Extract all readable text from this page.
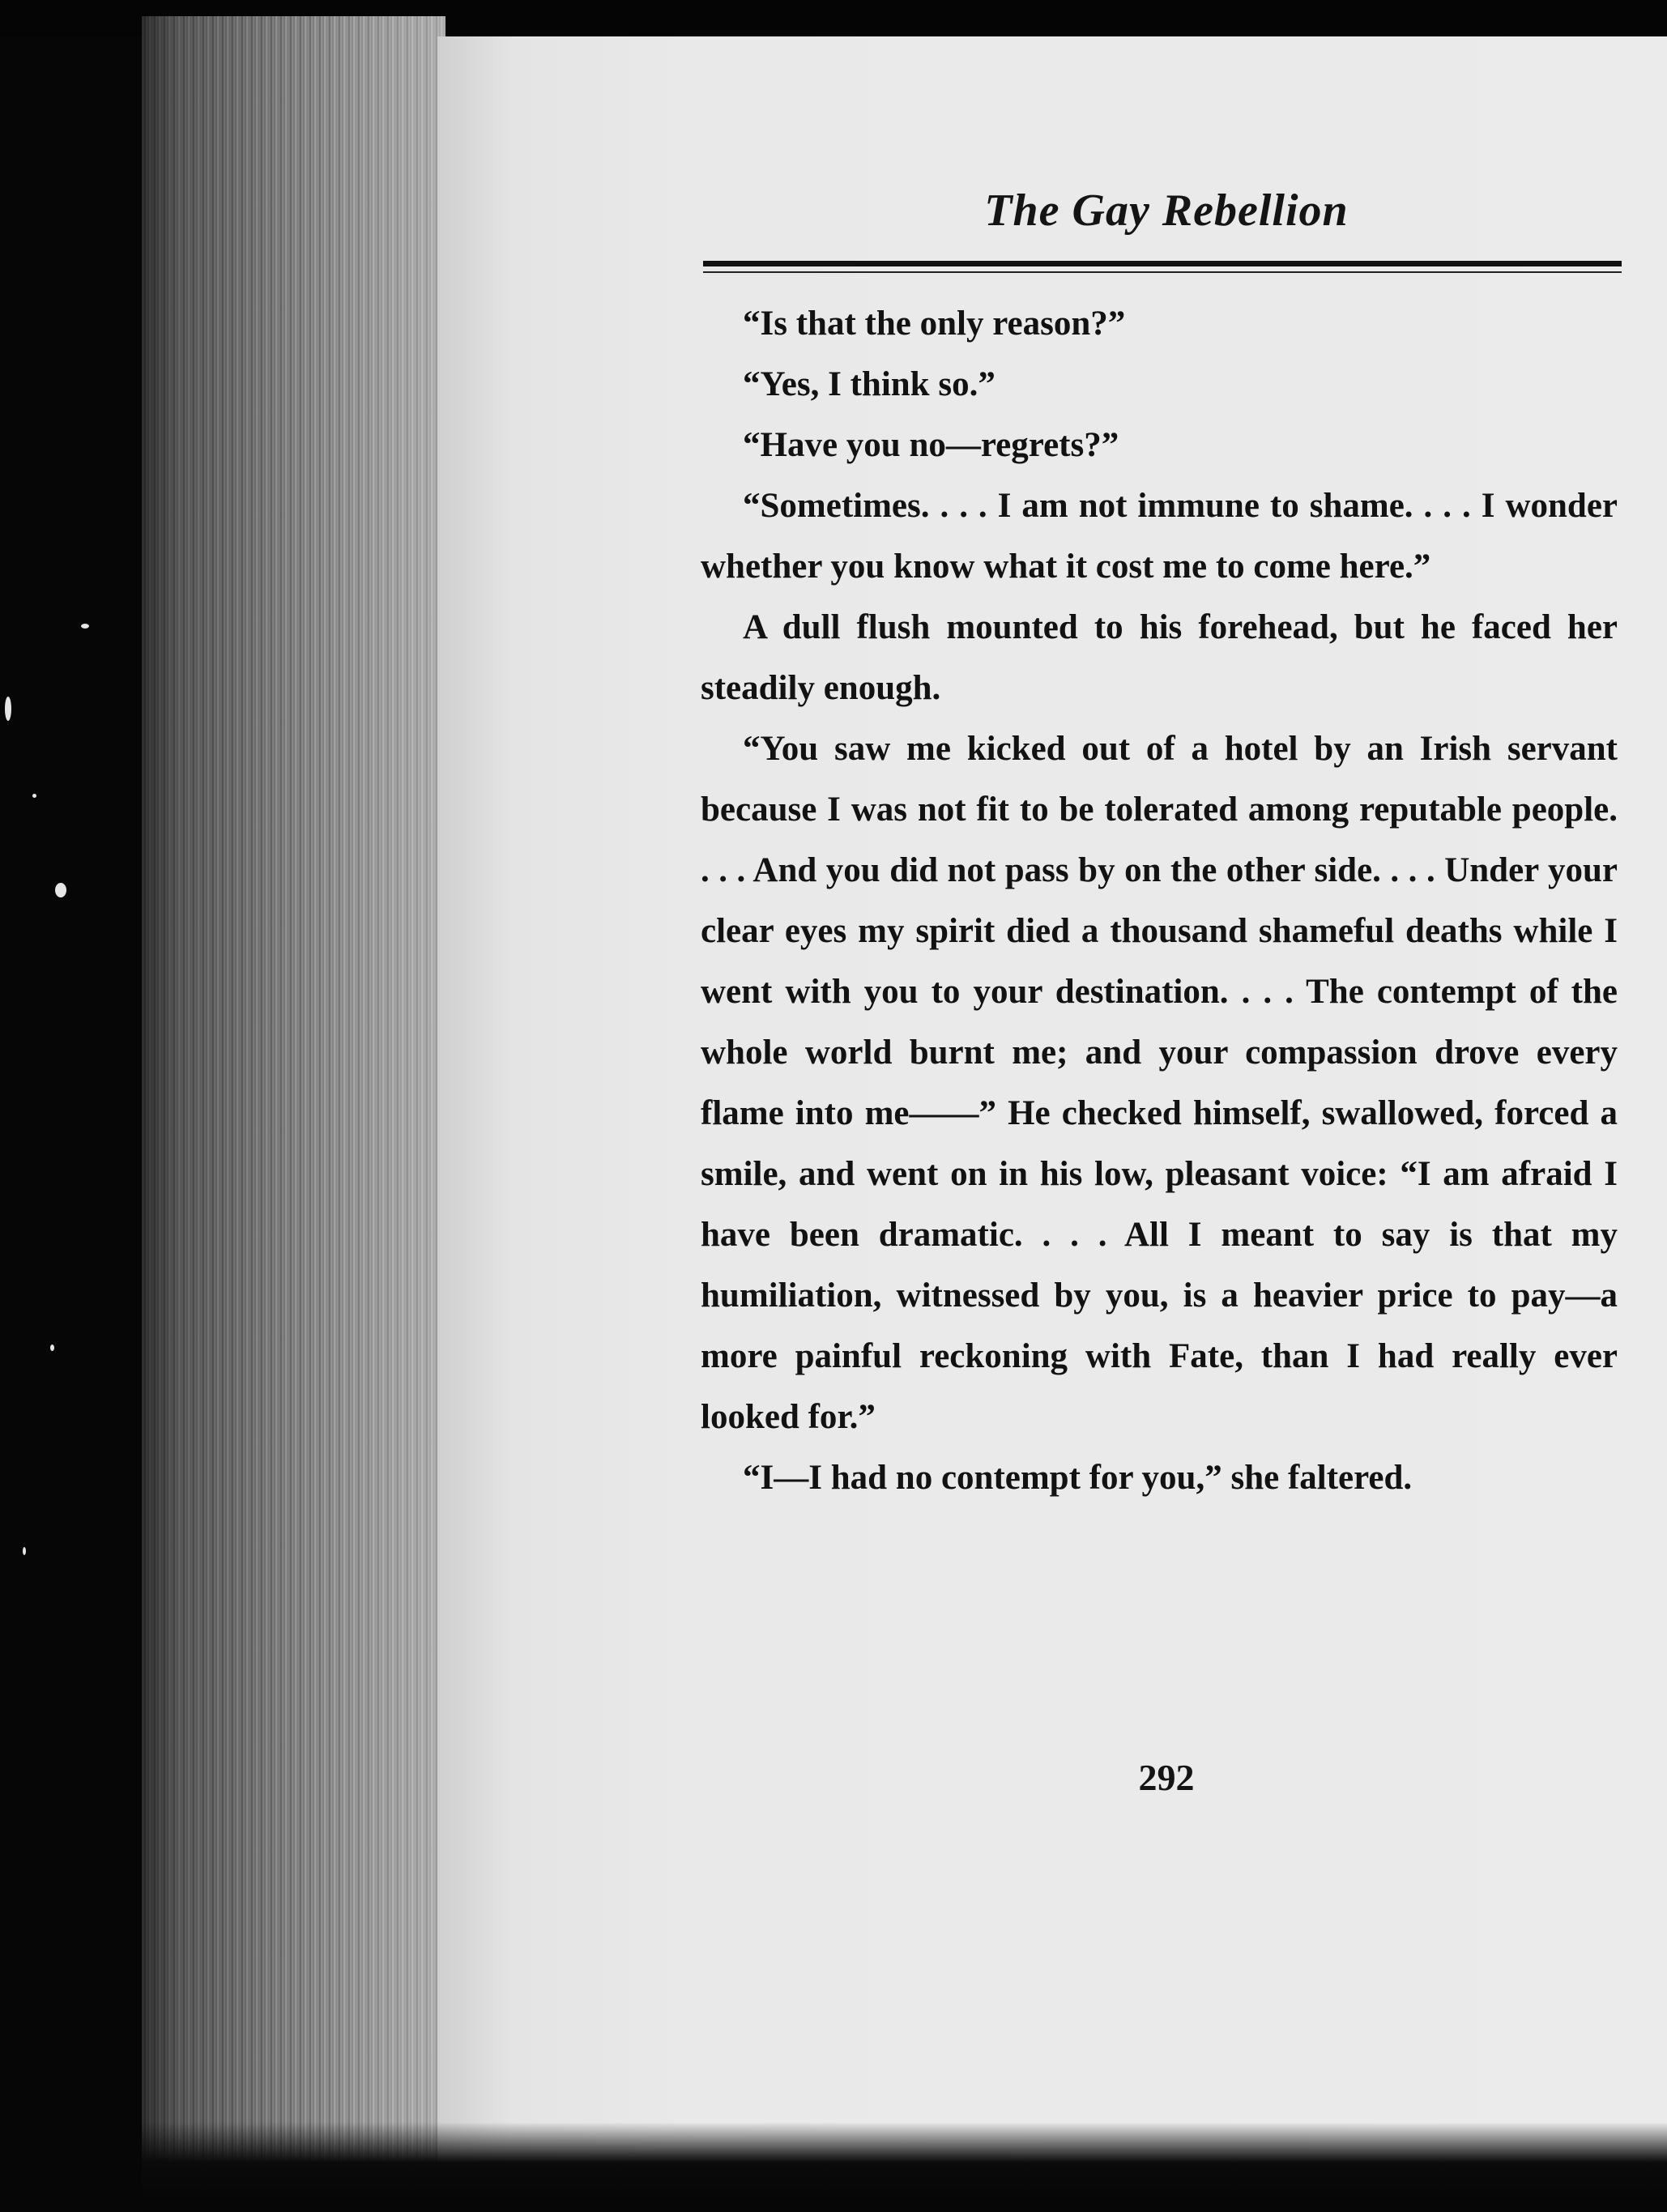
The Gay Rebellion

“Is that the only reason?”

“Yes, I think so.”

“Have you no—regrets?”

“Sometimes. . . . I am not immune to shame. . . . I wonder whether you know what it cost me to come here.”

A dull flush mounted to his forehead, but he faced her steadily enough.

“You saw me kicked out of a hotel by an Irish servant because I was not fit to be tolerated among reputable people. . . . And you did not pass by on the other side. . . . Under your clear eyes my spirit died a thousand shameful deaths while I went with you to your destination. . . . The contempt of the whole world burnt me; and your compassion drove every flame into me——” He checked himself, swallowed, forced a smile, and went on in his low, pleasant voice: “I am afraid I have been dramatic. . . . All I meant to say is that my humiliation, witnessed by you, is a heavier price to pay—a more painful reckoning with Fate, than I had really ever looked for.”

“I—I had no contempt for you,” she faltered.

292
